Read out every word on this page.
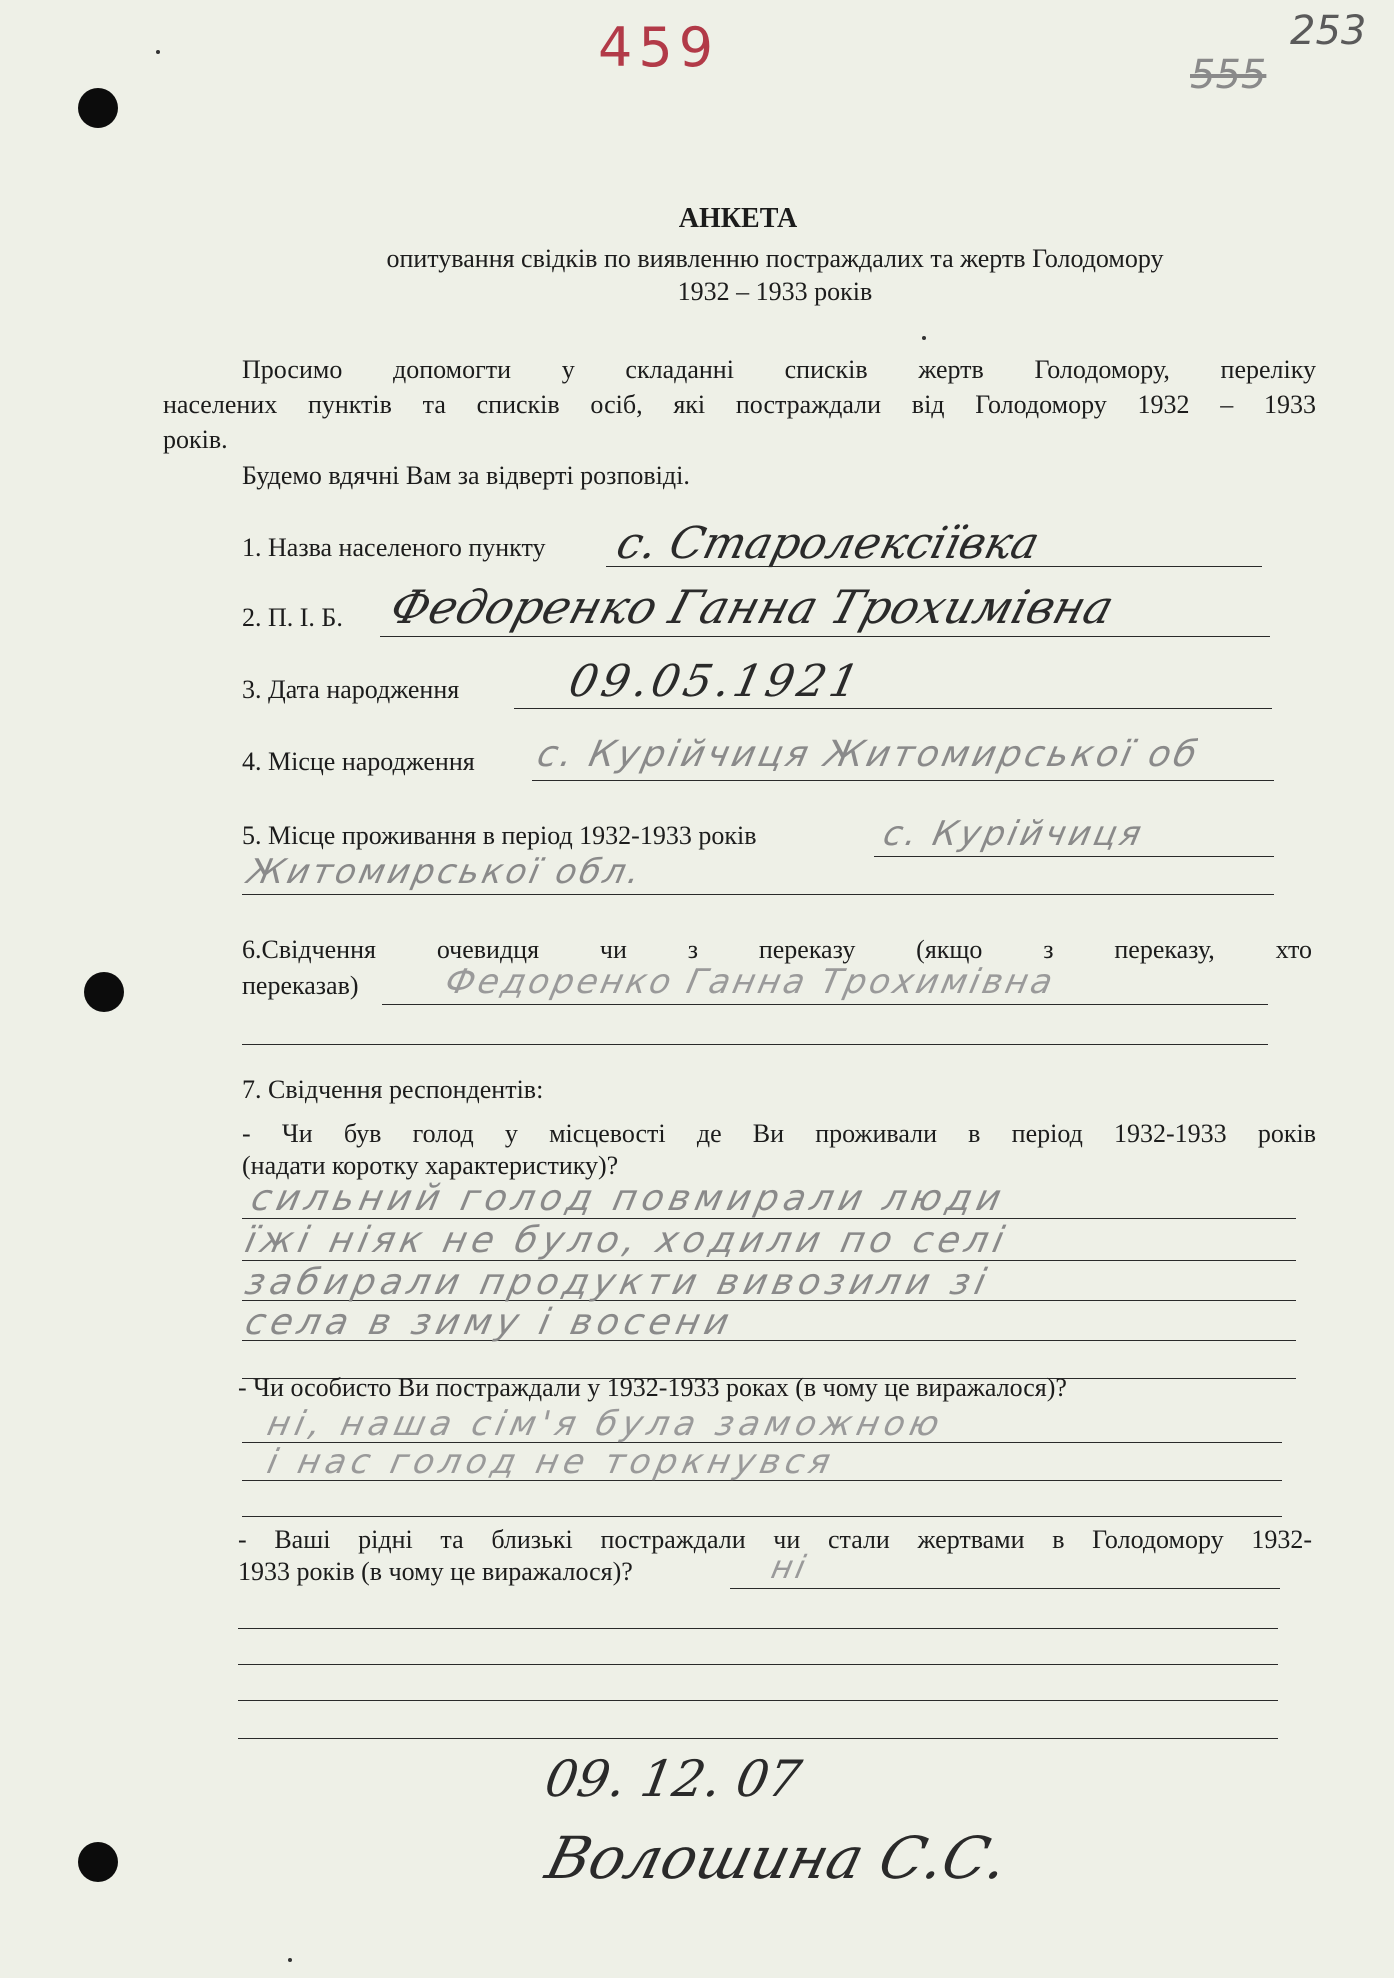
459	253
555
АНКЕТА
опитування свідків по виявленню постраждалих та жертв Голодомору
1932 – 1933 років
Просимо допомогти у складанні списків жертв Голодомору, переліку
населених пунктів та списків осіб, які постраждали від Голодомору 1932 – 1933
років.
Будемо вдячні Вам за відверті розповіді.
1. Назва населеного пункту с. Старолексіївка
2. П. І. Б. Федоренко Ганна Трохимівна
3. Дата народження 09.05.1921
4. Місце народження с. Курійчиця Житомирської об
5. Місце проживання в період 1932-1933 років	с. Курійчиця
Житомирської обл.
6.Свідчення очевидця чи з переказу (якщо з переказу, хто
переказав) Федоренко Ганна Трохимівна
7. Свідчення респондентів:
- Чи був голод у місцевості де Ви проживали в період 1932-1933 років
(надати коротку характеристику)?
сильний голод повмирали люди
їжі ніяк не було, ходили по селі
забирали продукти вивозили зі
села в зиму і восени
- Чи особисто Ви постраждали у 1932-1933 роках (в чому це виражалося)?
ні, наша сім'я була заможною
і нас голод не торкнувся
- Ваші рідні та близькі постраждали чи стали жертвами в Голодомору 1932-
1933 років (в чому це виражалося)?	ні
09. 12. 07
Волошина С.С.
